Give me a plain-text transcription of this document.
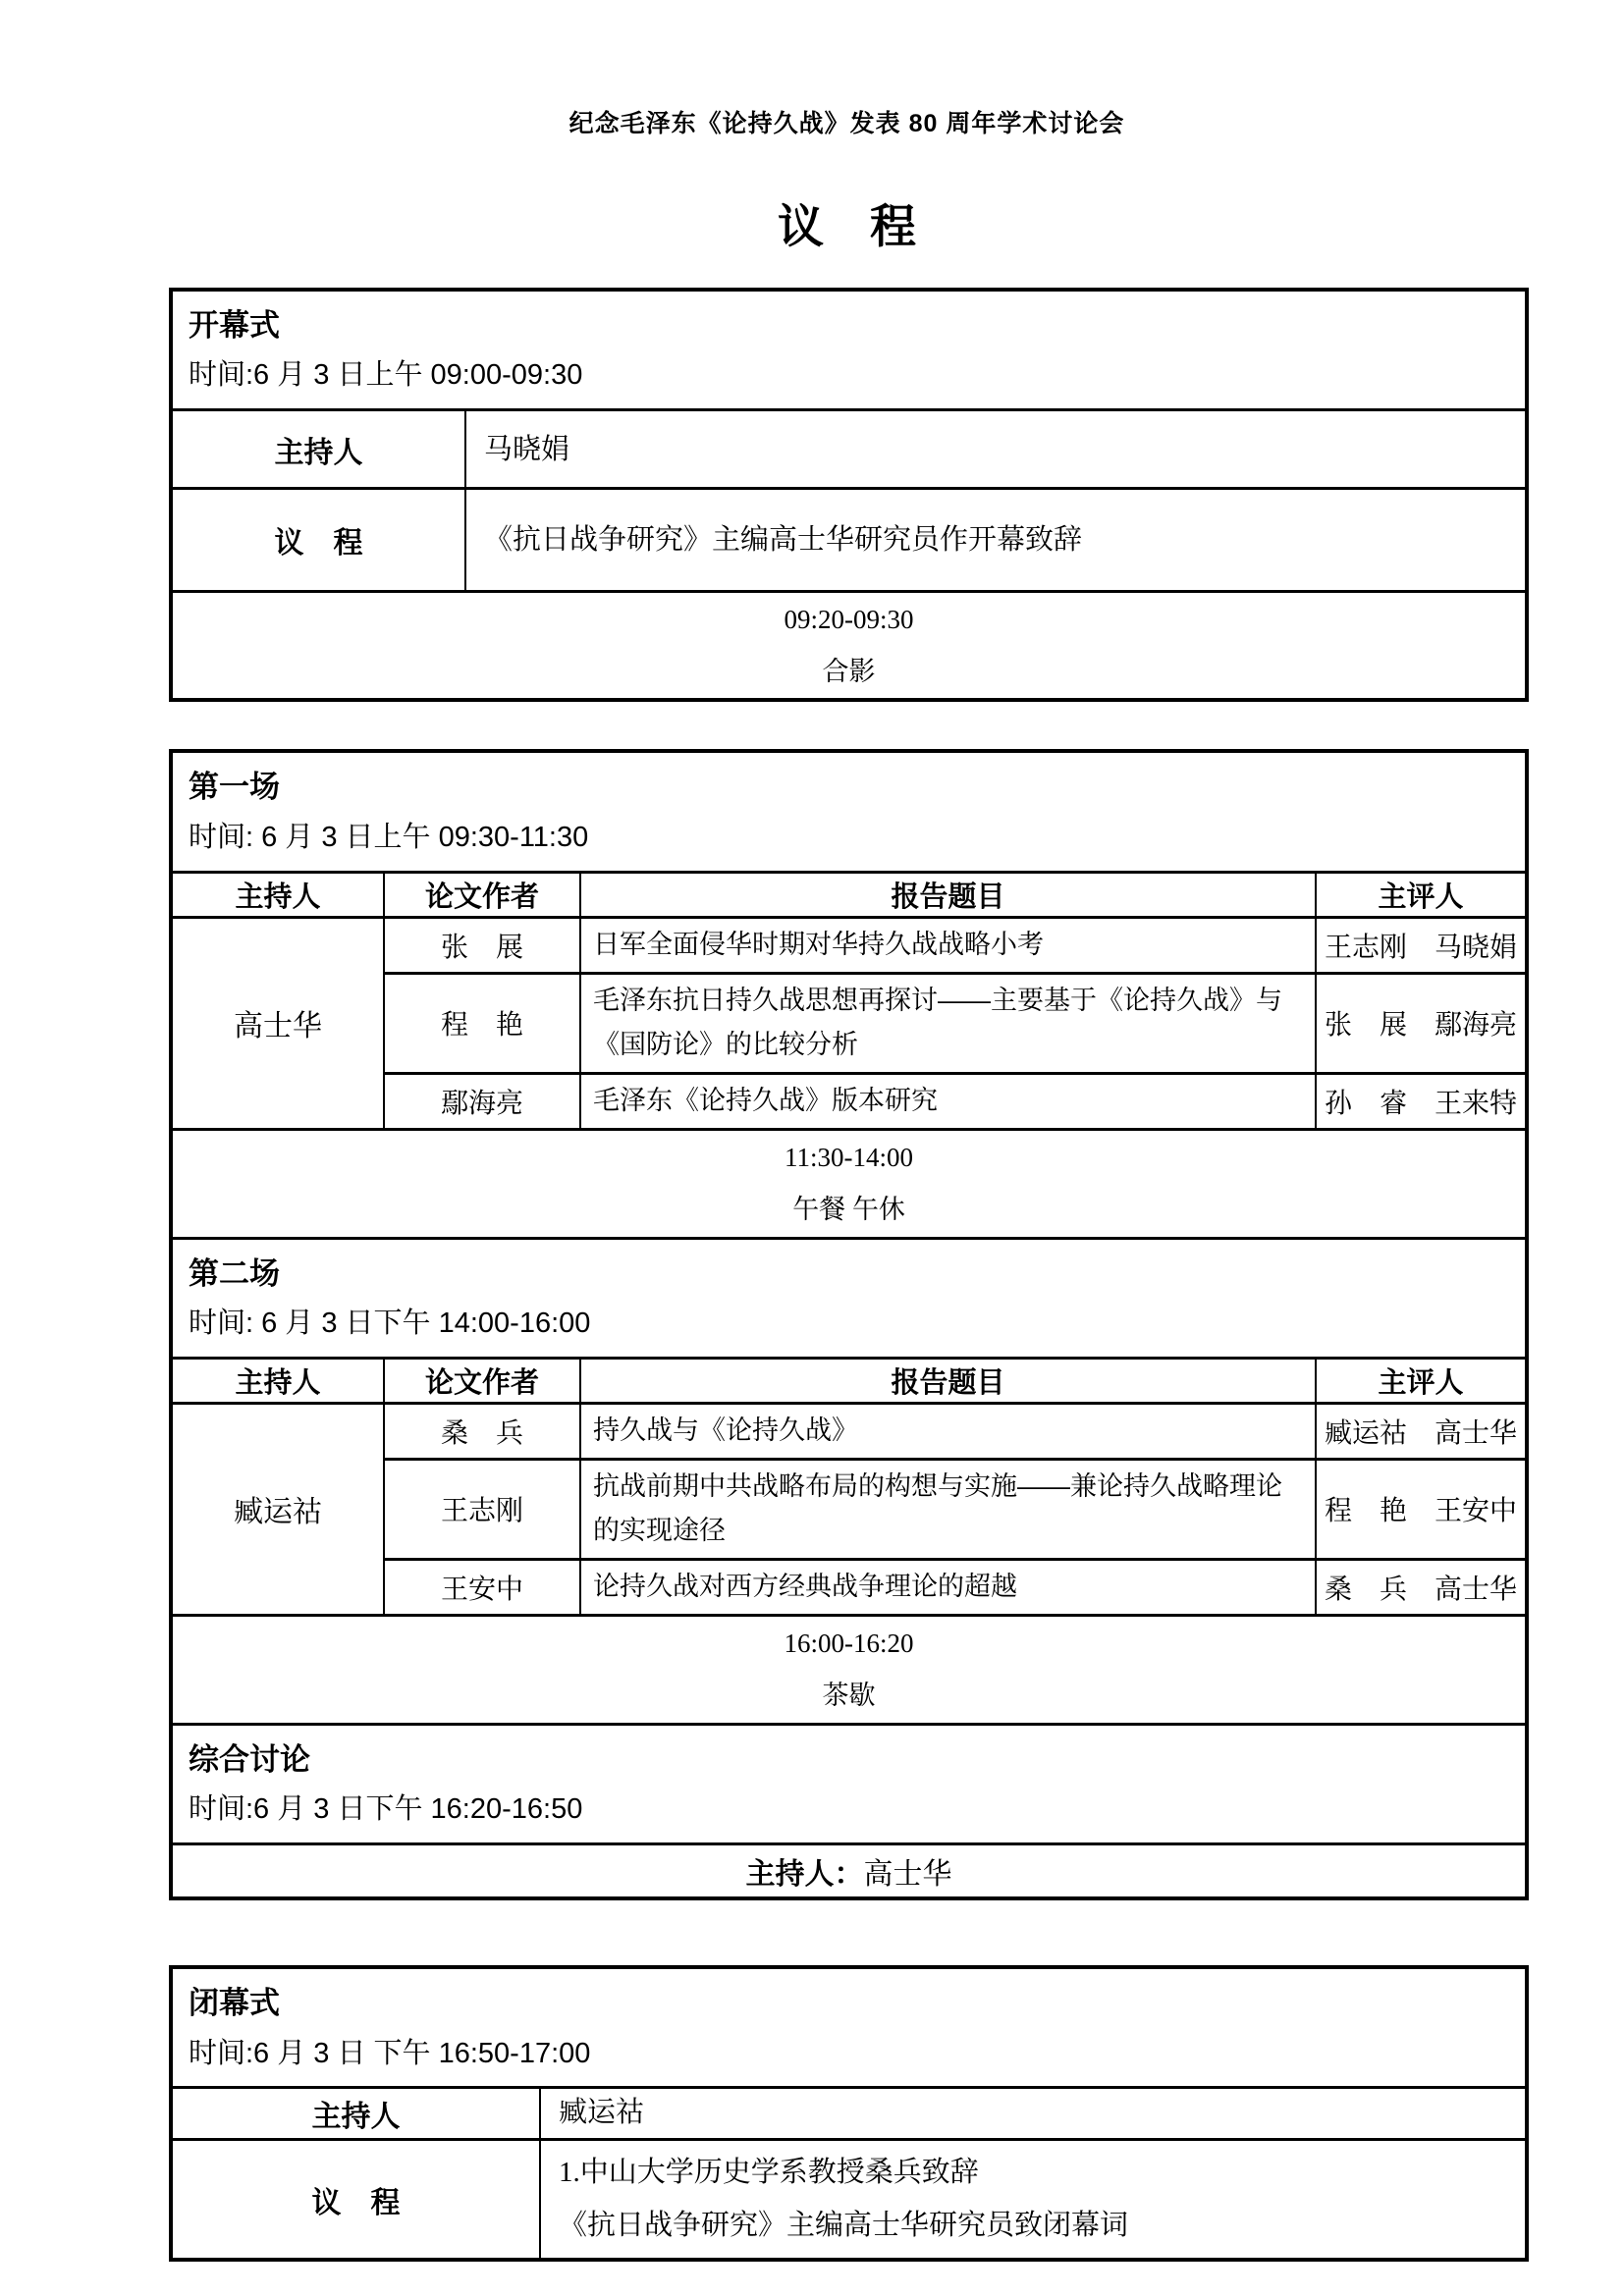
纪念毛泽东《论持久战》发表 80 周年学术讨论会
议　程
开幕式
时间:6 月 3 日上午 09:00-09:30	

主持人	马晓娟
议　程	《抗日战争研究》主编高士华研究员作开幕致辞

09:20-09:30
合影	
第一场
时间: 6 月 3 日上午 09:30-11:30			

主持人	论文作者	报告题目	主评人
高士华	张　展	日军全面侵华时期对华持久战战略小考	王志刚　马晓娟
	程　艳	毛泽东抗日持久战思想再探讨——主要基于《论持久战》与《国防论》的比较分析	张　展　鄢海亮
	鄢海亮	毛泽东《论持久战》版本研究	孙　睿　王来特

11:30-14:00
午餐 午休			

第二场
时间: 6 月 3 日下午 14:00-16:00			

主持人	论文作者	报告题目	主评人
臧运祜	桑　兵	持久战与《论持久战》	臧运祜　高士华
	王志刚	抗战前期中共战略布局的构想与实施——兼论持久战略理论的实现途径	程　艳　王安中
	王安中	论持久战对西方经典战争理论的超越	桑　兵　高士华

16:00-16:20
茶歇			

综合讨论
时间:6 月 3 日下午 16:20-16:50			

主持人：高士华			
闭幕式
时间:6 月 3 日 下午 16:50-17:00	

主持人	臧运祜
议　程	1.中山大学历史学系教授桑兵致辞
《抗日战争研究》主编高士华研究员致闭幕词
